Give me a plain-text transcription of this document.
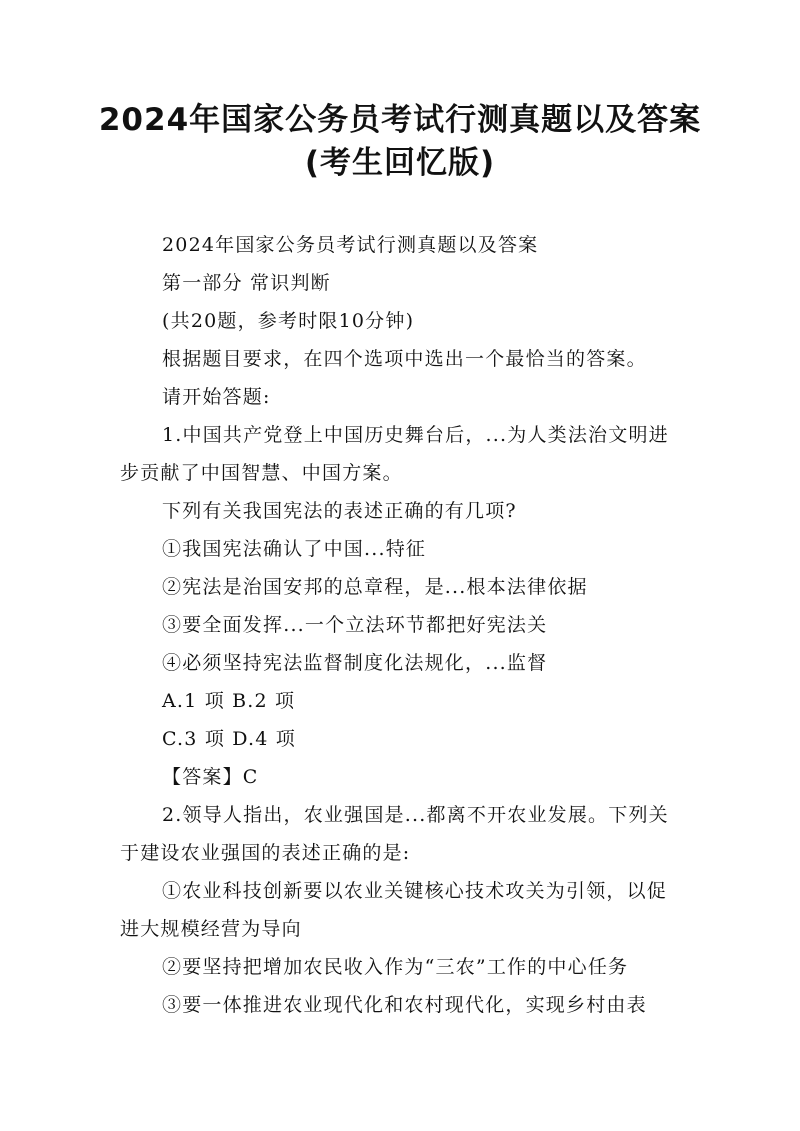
2024年国家公务员考试行测真题以及答案
(考生回忆版)

2024年国家公务员考试行测真题以及答案

第一部分 常识判断

(共20题，参考时限10分钟)

根据题目要求，在四个选项中选出一个最恰当的答案。

请开始答题:

1.中国共产党登上中国历史舞台后，...为人类法治文明进步贡献了中国智慧、中国方案。

下列有关我国宪法的表述正确的有几项?

①我国宪法确认了中国...特征

②宪法是治国安邦的总章程，是...根本法律依据

③要全面发挥...一个立法环节都把好宪法关

④必须坚持宪法监督制度化法规化，...监督

A.1 项 B.2 项

C.3 项 D.4 项

【答案】C

2.领导人指出，农业强国是...都离不开农业发展。下列关于建设农业强国的表述正确的是:

①农业科技创新要以农业关键核心技术攻关为引领，以促进大规模经营为导向

②要坚持把增加农民收入作为“三农”工作的中心任务

③要一体推进农业现代化和农村现代化，实现乡村由表
